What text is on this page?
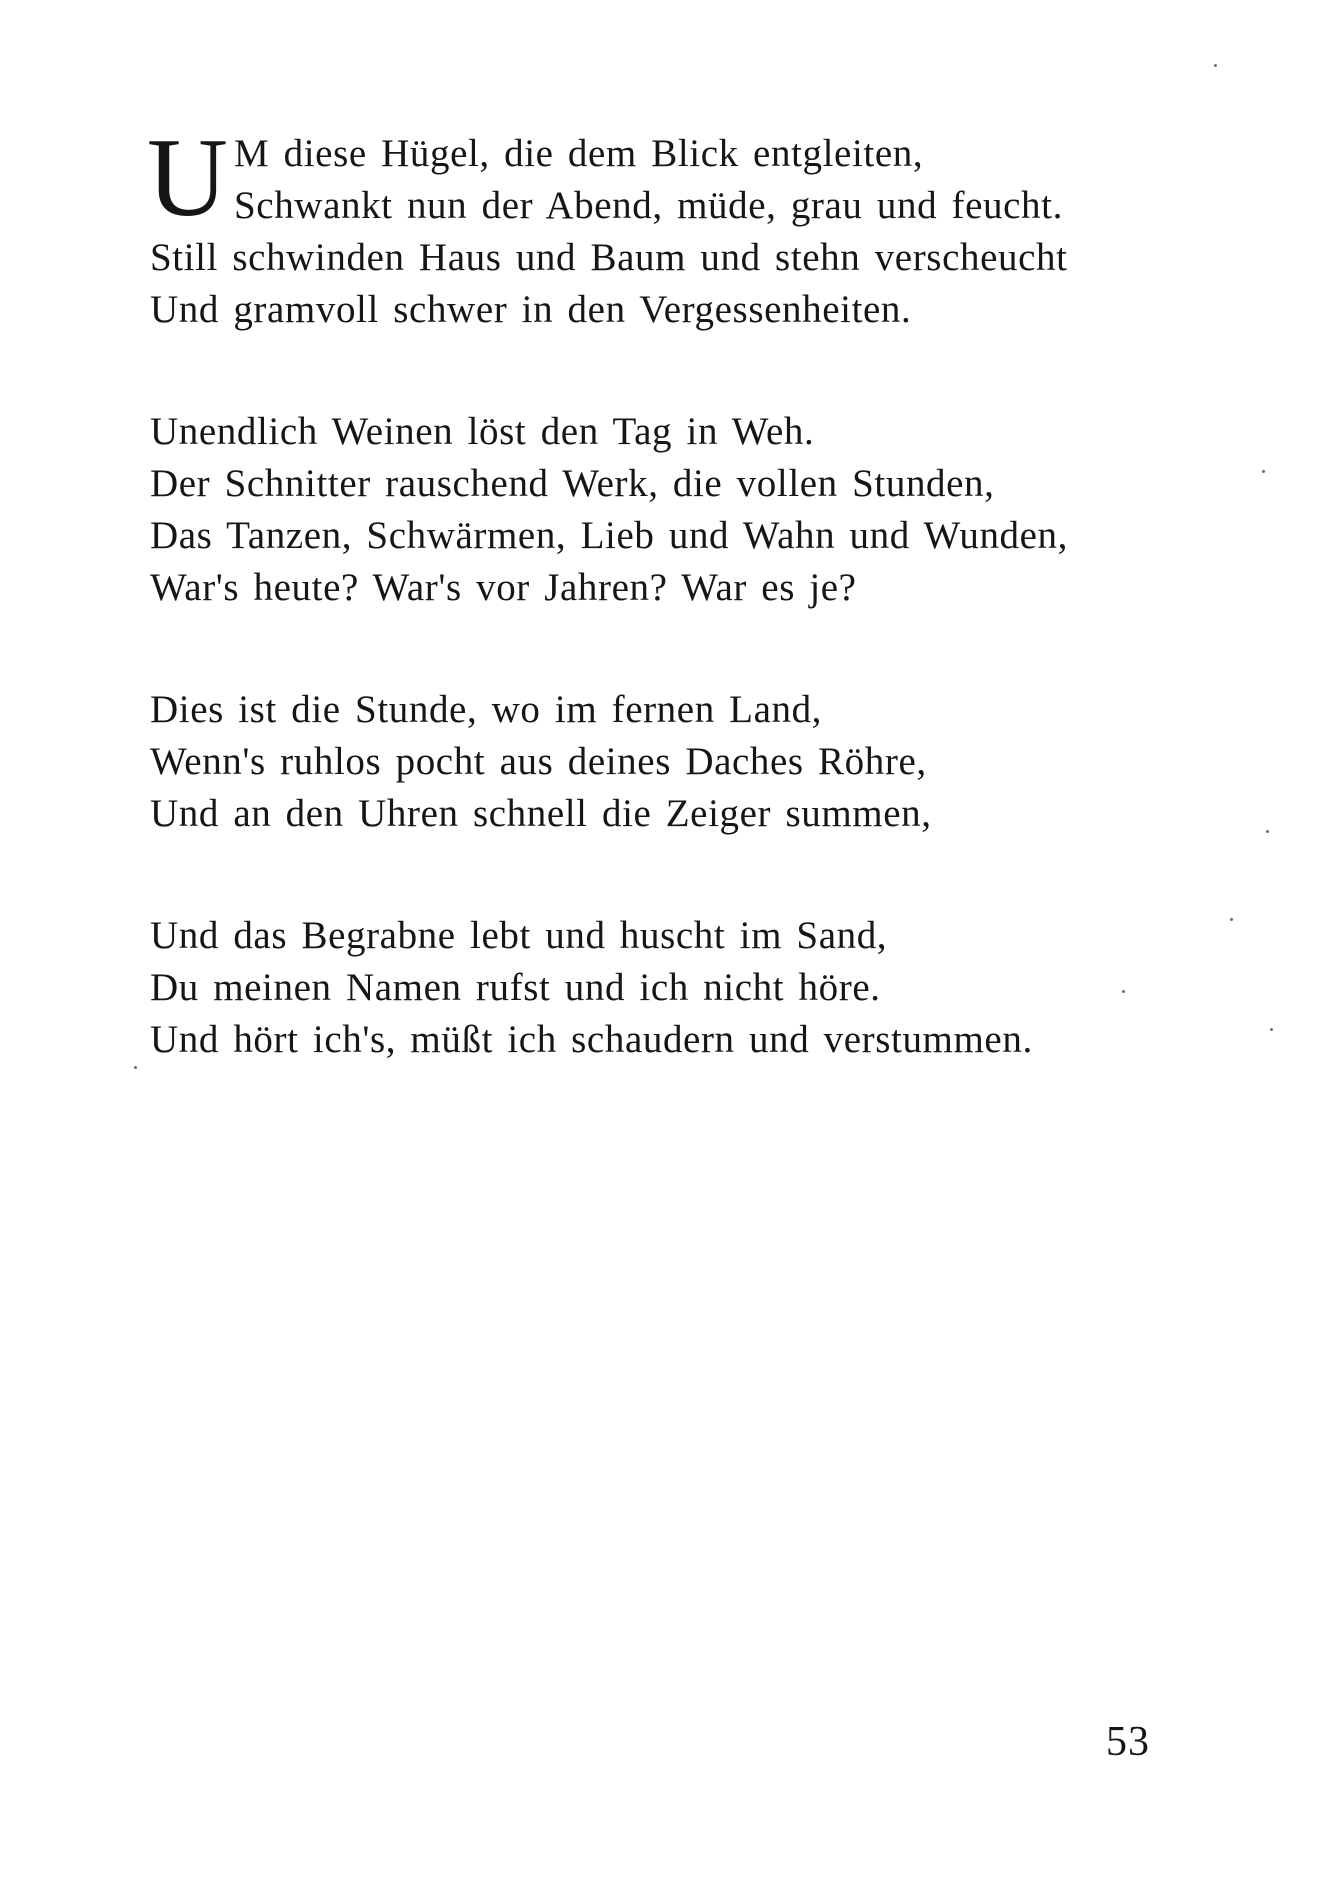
U M diese Hügel, die dem Blick entgleiten,
Schwankt nun der Abend, müde, grau und feucht.
Still schwinden Haus und Baum und stehn verscheucht
Und gramvoll schwer in den Vergessenheiten.
Unendlich Weinen löst den Tag in Weh.
Der Schnitter rauschend Werk, die vollen Stunden,
Das Tanzen, Schwärmen, Lieb und Wahn und Wunden,
War's heute? War's vor Jahren? War es je?
Dies ist die Stunde, wo im fernen Land,
Wenn's ruhlos pocht aus deines Daches Röhre,
Und an den Uhren schnell die Zeiger summen,
Und das Begrabne lebt und huscht im Sand,
Du meinen Namen rufst und ich nicht höre.
Und hört ich's, müßt ich schaudern und verstummen.
53
